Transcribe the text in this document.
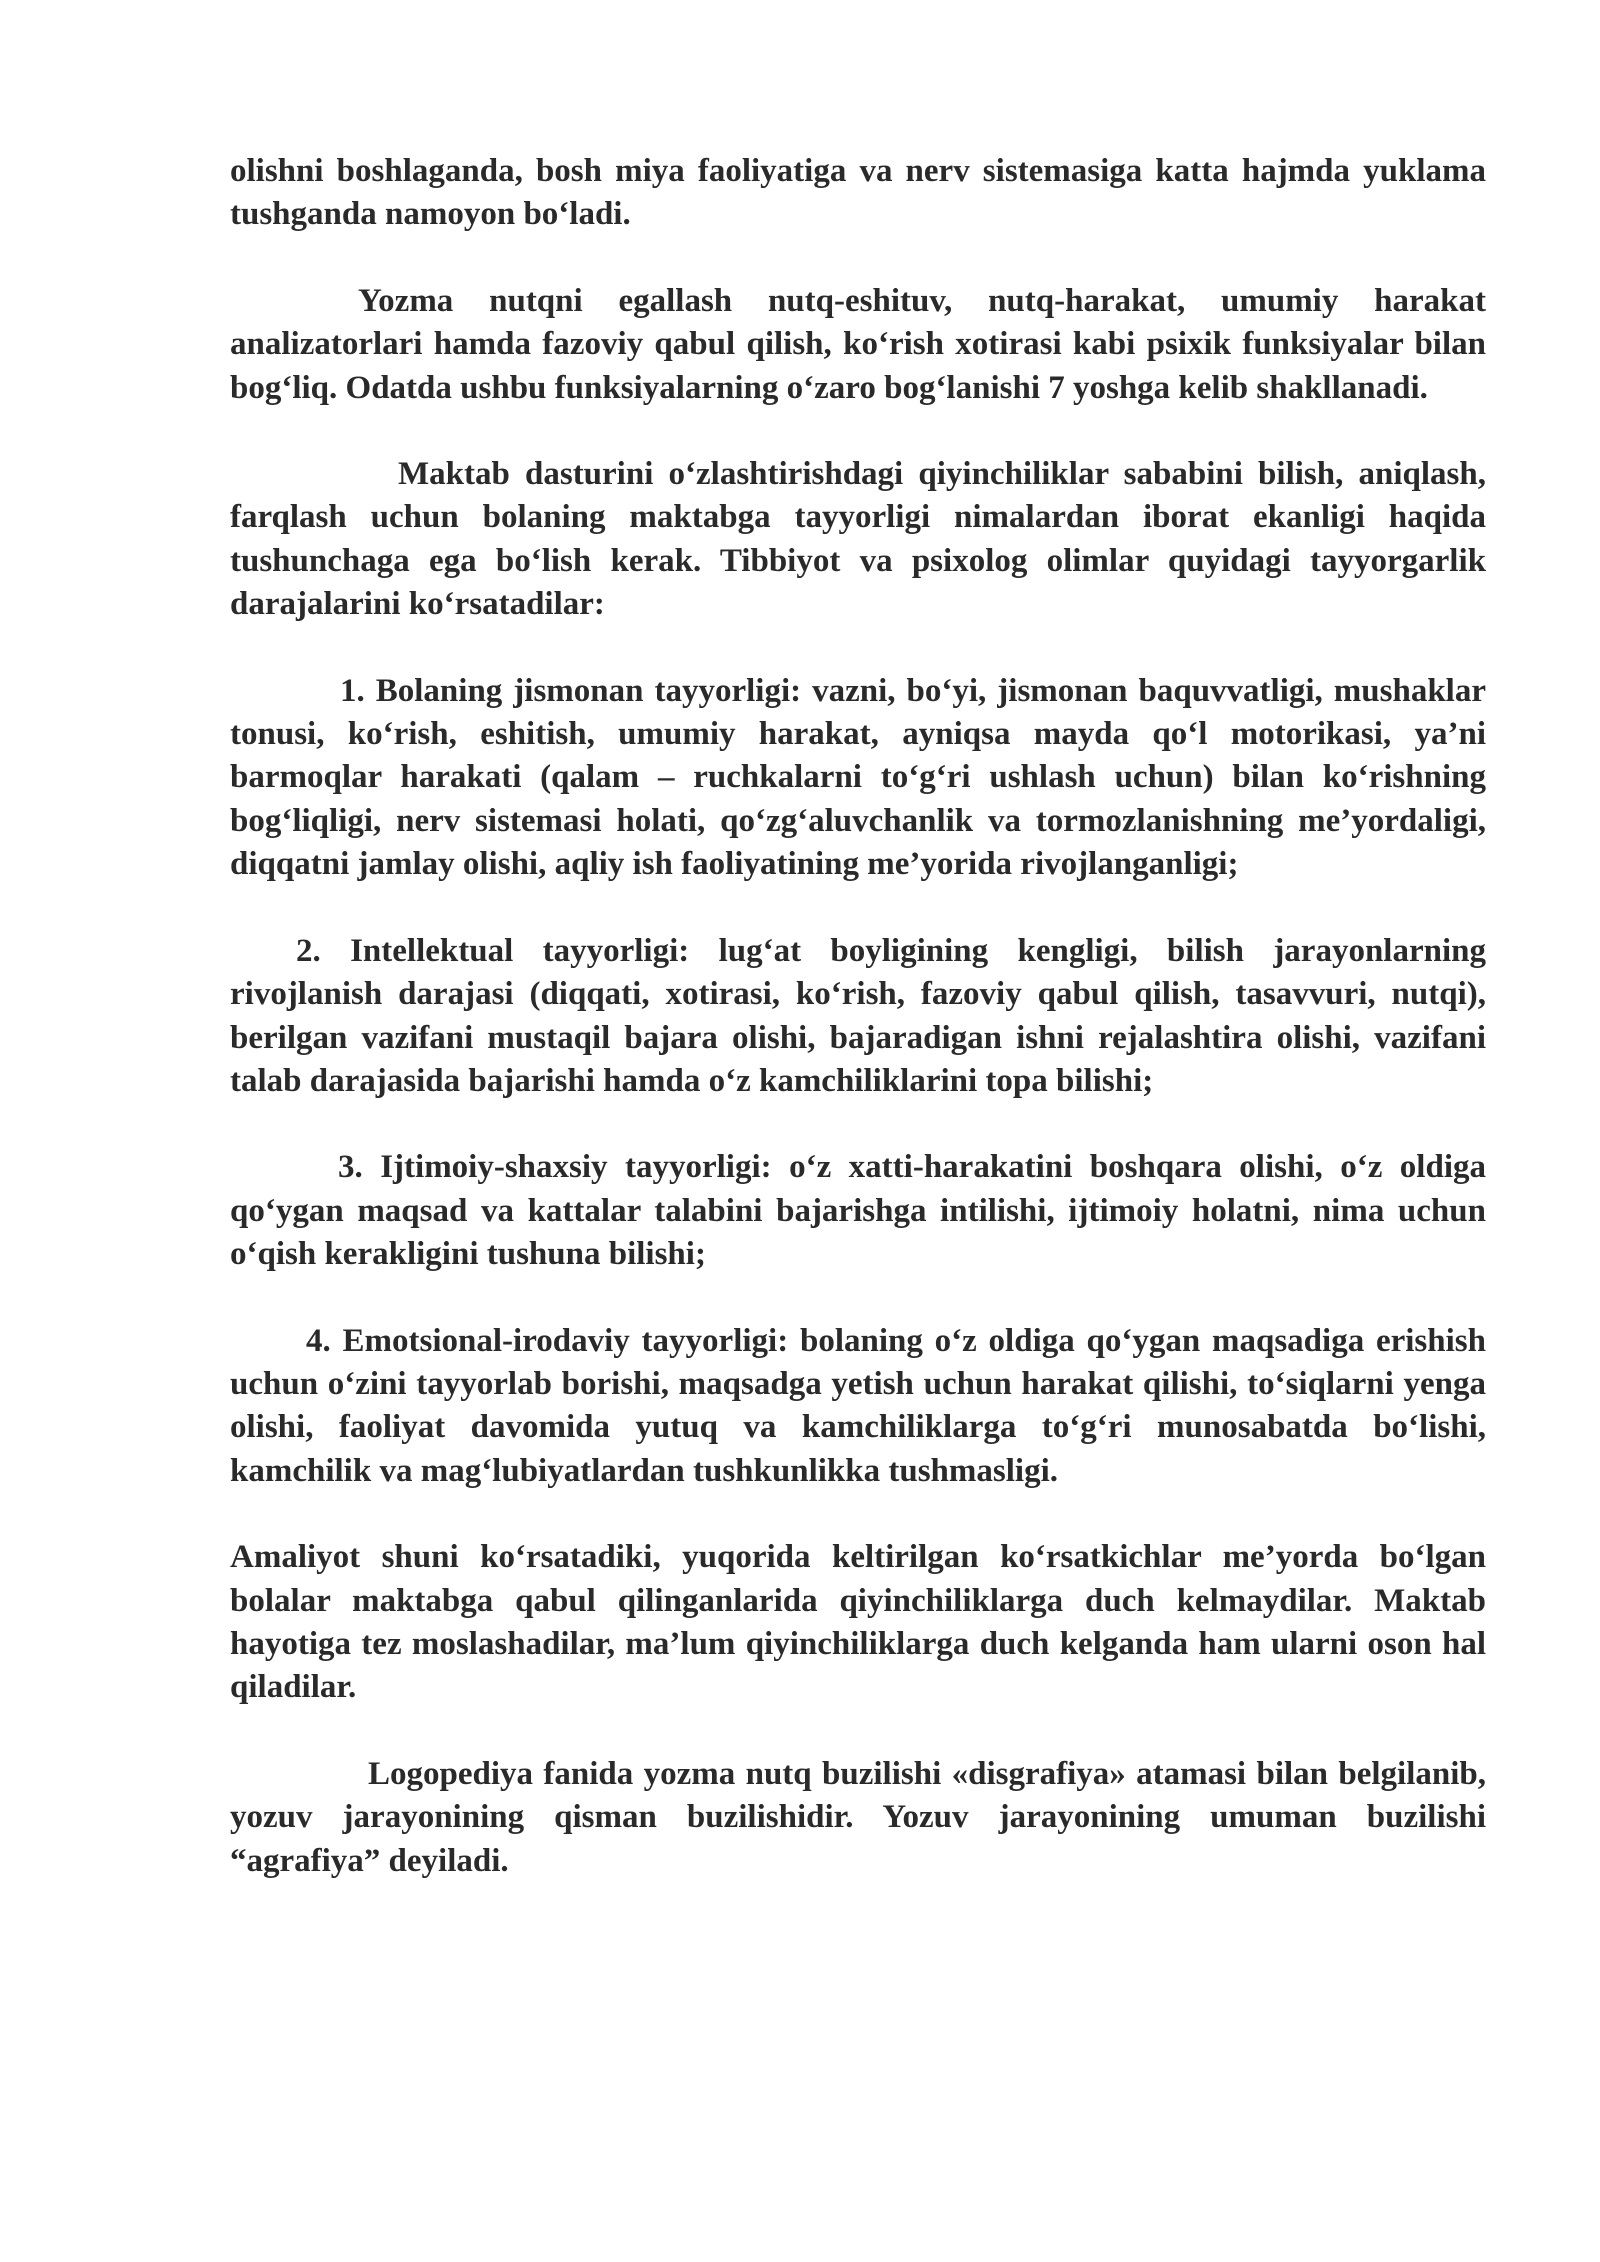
olishni boshlaganda, bosh miya faoliyatiga va nerv sistemasiga katta hajmda yuklama tushganda namoyon bo‘ladi.

Yozma nutqni egallash nutq-eshituv, nutq-harakat, umumiy harakat analizatorlari hamda fazoviy qabul qilish, ko‘rish xotirasi kabi psixik funksiyalar bilan bog‘liq. Odatda ushbu funksiyalarning o‘zaro bog‘lanishi 7 yoshga kelib shakllanadi.

Maktab dasturini o‘zlashtirishdagi qiyinchiliklar sababini bilish, aniqlash, farqlash uchun bolaning maktabga tayyorligi nimalardan iborat ekanligi haqida tushunchaga ega bo‘lish kerak. Tibbiyot va psixolog olimlar quyidagi tayyorgarlik darajalarini ko‘rsatadilar:

1. Bolaning jismonan tayyorligi: vazni, bo‘yi, jismonan baquvvatligi, mushaklar tonusi, ko‘rish, eshitish, umumiy harakat, ayniqsa mayda qo‘l motorikasi, ya’ni barmoqlar harakati (qalam – ruchkalarni to‘g‘ri ushlash uchun) bilan ko‘rishning bog‘liqligi, nerv sistemasi holati, qo‘zg‘aluvchanlik va tormozlanishning me’yordaligi, diqqatni jamlay olishi, aqliy ish faoliyatining me’yorida rivojlanganligi;

2. Intellektual tayyorligi: lug‘at boyligining kengligi, bilish jarayonlarning rivojlanish darajasi (diqqati, xotirasi, ko‘rish, fazoviy qabul qilish, tasavvuri, nutqi), berilgan vazifani mustaqil bajara olishi, bajaradigan ishni rejalashtira olishi, vazifani talab darajasida bajarishi hamda o‘z kamchiliklarini topa bilishi;

3. Ijtimoiy-shaxsiy tayyorligi: o‘z xatti-harakatini boshqara olishi, o‘z oldiga qo‘ygan maqsad va kattalar talabini bajarishga intilishi, ijtimoiy holatni, nima uchun o‘qish kerakligini tushuna bilishi;

4. Emotsional-irodaviy tayyorligi: bolaning o‘z oldiga qo‘ygan maqsadiga erishish uchun o‘zini tayyorlab borishi, maqsadga yetish uchun harakat qilishi, to‘siqlarni yenga olishi, faoliyat davomida yutuq va kamchiliklarga to‘g‘ri munosabatda bo‘lishi, kamchilik va mag‘lubiyatlardan tushkunlikka tushmasligi.

Amaliyot shuni ko‘rsatadiki, yuqorida keltirilgan ko‘rsatkichlar me’yorda bo‘lgan bolalar maktabga qabul qilinganlarida qiyinchiliklarga duch kelmaydilar. Maktab hayotiga tez moslashadilar, ma’lum qiyinchiliklarga duch kelganda ham ularni oson hal qiladilar.

Logopediya fanida yozma nutq buzilishi «disgrafiya» atamasi bilan belgilanib, yozuv jarayonining qisman buzilishidir. Yozuv jarayonining umuman buzilishi “agrafiya” deyiladi.
